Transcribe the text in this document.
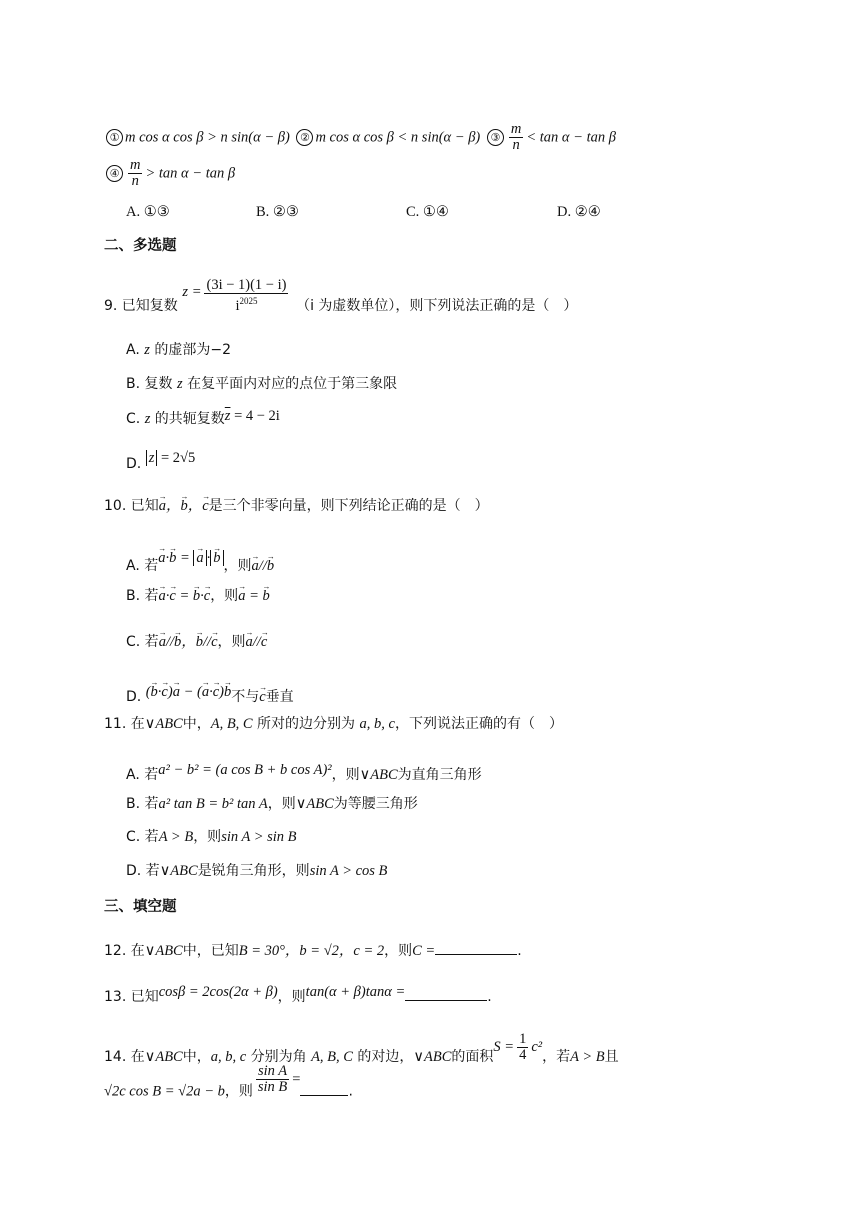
① m cos α cos β > n sin(α − β) ② m cos α cos β < n sin(α − β) ③ $\frac{m}{n} < \tan \alpha - \tan \beta$
④ $\frac{m}{n} > \tan \alpha - \tan \beta$
A. ①③	B. ②③	C. ①④	D. ②④
二、多选题
9. 已知复数 $z = \frac{(3i - 1)(1 - i)}{i^{2025}} (i$ 为虚数单位），则下列说法正确的是（　）
A. z 的虚部为−2
B. 复数 z 在复平面内对应的点位于第三象限
C. z 的共轭复数$\overline{z} = 4 - 2i$
D. z = 2√5
10. 已知→ a，→ b，→ c是三个非零向量，则下列结论正确的是（　）
A. 若→ a·→ b = → a · → b ，则→ a//→ b
B. 若→ a·→ c = → b·→ c，则→ a = → b
C. 若→ a//→ b，→ b//→ c，则→ a//→ c
D. (→ b·→ c)→ a − (→ a·→ c)→ b不与→ c垂直
11. 在∨ABC中，A, B, C 所对的边分别为 a, b, c，下列说法正确的有（　）
A. 若a² − b² = (a cos B + b cos A)²，则∨ABC为直角三角形
B. 若a² tan B = b² tan A，则∨ABC为等腰三角形
C. 若A > B，则sin A > sin B
D. 若∨ABC是锐角三角形，则sin A > cos B
三、填空题
12. 在∨ABC中，已知B = 30°，b = √2，c = 2，则C =	.
13. 已知cosβ = 2cos(2α + β)，则tan(α + β)tanα =	.
14. 在∨ABC中，a, b, c 分别为角 A, B, C 的对边，∨ABC的面积$S = \frac{1}{4} c^2$，若A > B且
√2c cos B = √2a − b，则 $\frac{\text{sin A}}{\text{sin B}}$ =.
